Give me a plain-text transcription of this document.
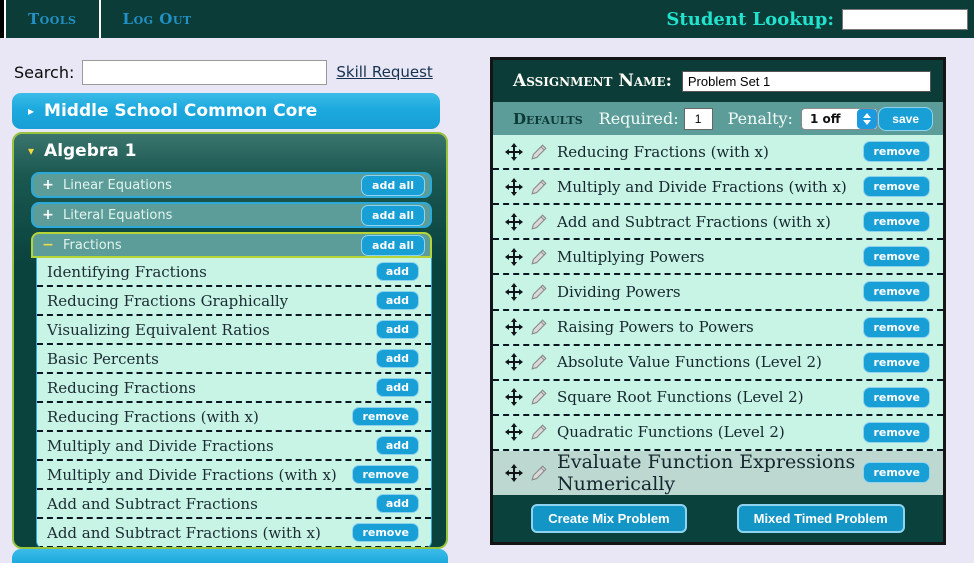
Tools	Log Out	Student Lookup:
Search:	Skill Request
▸ Middle School Common Core
▾ Algebra 1
+ Linear Equations	add all
+ Literal Equations	add all
− Fractions	add all
Identifying Fractions	add
Reducing Fractions Graphically	add
Visualizing Equivalent Ratios	add
Basic Percents	add
Reducing Fractions	add
Reducing Fractions (with x)	remove
Multiply and Divide Fractions	add
Multiply and Divide Fractions (with x)	remove
Add and Subtract Fractions	add
Add and Subtract Fractions (with x)	remove
Assignment Name:
Problem Set 1
Defaults Required:
1	Penalty:	1 off	save
Reducing Fractions (with x)	remove
Multiply and Divide Fractions (with x)	remove
Add and Subtract Fractions (with x)	remove
Multiplying Powers	remove
Dividing Powers	remove
Raising Powers to Powers	remove
Absolute Value Functions (Level 2)	remove
Square Root Functions (Level 2)	remove
Quadratic Functions (Level 2)	remove
Evaluate Function Expressions Numerically	remove
Create Mix Problem	Mixed Timed Problem
